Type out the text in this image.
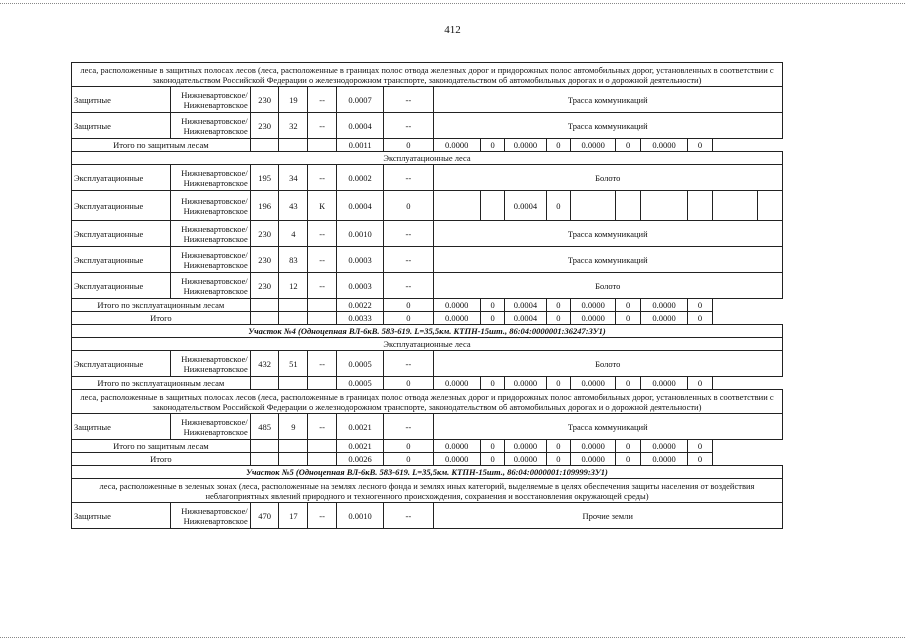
412
леса, расположенные в защитных полосах лесов (леса, расположенные в границах полос отвода железных дорог и придорожных полос автомобильных дорог, установленных в соответствии с законодательством Российской Федерации о железнодорожном транспорте, законодательством об автомобильных дорогах и о дорожной деятельности)																
Защитные	Нижневартовское/
Нижневартовское	230	19	--	0.0007	--	Трасса коммуникаций									
Защитные	Нижневартовское/
Нижневартовское	230	32	--	0.0004	--	Трасса коммуникаций									
Итого по защитным лесам					0.0011	0	0.0000	0	0.0000	0	0.0000	0	0.0000	0		
Эксплуатационные леса																
Эксплуатационные	Нижневартовское/
Нижневартовское	195	34	--	0.0002	--	Болото									
Эксплуатационные	Нижневартовское/
Нижневартовское	196	43	К	0.0004	0			0.0004	0						
Эксплуатационные	Нижневартовское/
Нижневартовское	230	4	--	0.0010	--	Трасса коммуникаций									
Эксплуатационные	Нижневартовское/
Нижневартовское	230	83	--	0.0003	--	Трасса коммуникаций									
Эксплуатационные	Нижневартовское/
Нижневартовское	230	12	--	0.0003	--	Болото									
Итого по эксплуатационным лесам					0.0022	0	0.0000	0	0.0004	0	0.0000	0	0.0000	0		
Итого					0.0033	0	0.0000	0	0.0004	0	0.0000	0	0.0000	0		
Участок №4 (Одноцепная ВЛ-6кВ. 583-619. L=35,5км. КТПН-15шт., 86:04:0000001:36247:ЗУ1)																
Эксплуатационные леса																
Эксплуатационные	Нижневартовское/
Нижневартовское	432	51	--	0.0005	--	Болото									
Итого по эксплуатационным лесам					0.0005	0	0.0000	0	0.0000	0	0.0000	0	0.0000	0		
леса, расположенные в защитных полосах лесов (леса, расположенные в границах полос отвода железных дорог и придорожных полос автомобильных дорог, установленных в соответствии с законодательством Российской Федерации о железнодорожном транспорте, законодательством об автомобильных дорогах и о дорожной деятельности)																
Защитные	Нижневартовское/
Нижневартовское	485	9	--	0.0021	--	Трасса коммуникаций									
Итого по защитным лесам					0.0021	0	0.0000	0	0.0000	0	0.0000	0	0.0000	0		
Итого					0.0026	0	0.0000	0	0.0000	0	0.0000	0	0.0000	0		
Участок №5 (Одноцепная ВЛ-6кВ. 583-619. L=35,5км. КТПН-15шт., 86:04:0000001:109999:ЗУ1)																
леса, расположенные в зеленых зонах (леса, расположенные на землях лесного фонда и землях иных категорий, выделяемые в целях обеспечения защиты населения от воздействия неблагоприятных явлений природного и техногенного происхождения, сохранения и восстановления окружающей среды)																
Защитные	Нижневартовское/
Нижневартовское	470	17	--	0.0010	--	Прочие земли									
